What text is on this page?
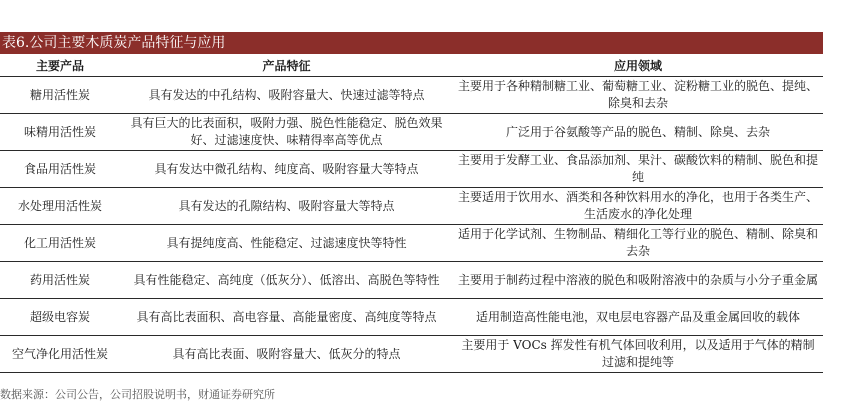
表6.公司主要木质炭产品特征与应用
主要产品	产品特征	应用领域
糖用活性炭	具有发达的中孔结构、吸附容量大、快速过滤等特点	主要用于各种精制糖工业、葡萄糖工业、淀粉糖工业的脱色、提纯、除臭和去杂
味精用活性炭	具有巨大的比表面积，吸附力强、脱色性能稳定、脱色效果好、过滤速度快、味精得率高等优点	广泛用于谷氨酸等产品的脱色、精制、除臭、去杂
食品用活性炭	具有发达中微孔结构、纯度高、吸附容量大等特点	主要用于发酵工业、食品添加剂、果汁、碳酸饮料的精制、脱色和提纯
水处理用活性炭	具有发达的孔隙结构、吸附容量大等特点	主要适用于饮用水、酒类和各种饮料用水的净化，也用于各类生产、生活废水的净化处理
化工用活性炭	具有提纯度高、性能稳定、过滤速度快等特性	适用于化学试剂、生物制品、精细化工等行业的脱色、精制、除臭和去杂
药用活性炭	具有性能稳定、高纯度（低灰分）、低溶出、高脱色等特性	主要用于制药过程中溶液的脱色和吸附溶液中的杂质与小分子重金属
超级电容炭	具有高比表面积、高电容量、高能量密度、高纯度等特点	适用制造高性能电池，双电层电容器产品及重金属回收的载体
空气净化用活性炭	具有高比表面、吸附容量大、低灰分的特点	主要用于 VOCs 挥发性有机气体回收利用，以及适用于气体的精制过滤和提纯等
数据来源：公司公告，公司招股说明书，财通证券研究所
